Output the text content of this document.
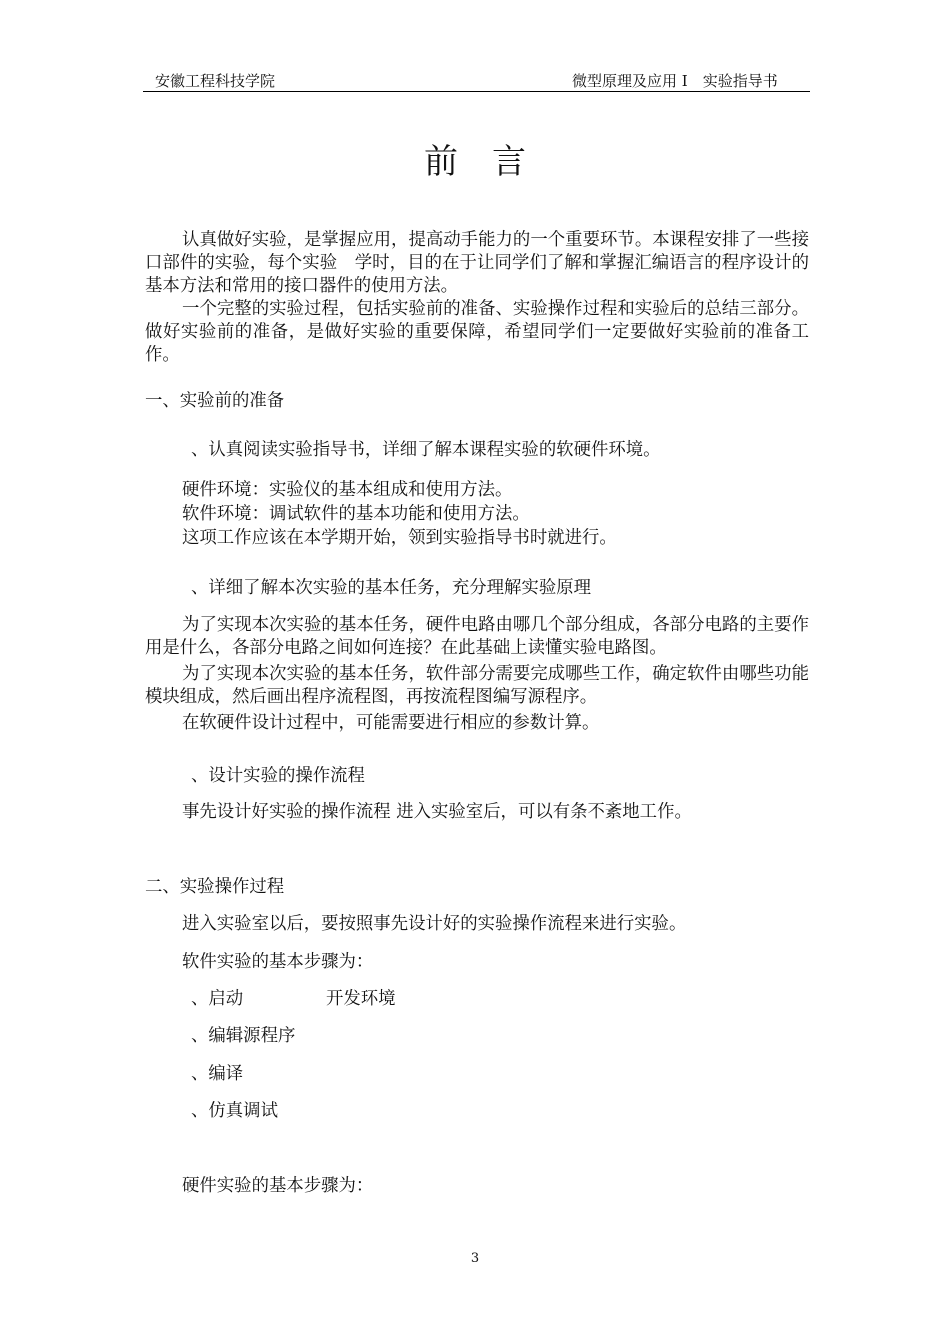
安徽工程科技学院	微型原理及应用 I　实验指导书
前言
认真做好实验，是掌握应用，提高动手能力的一个重要环节。本课程安排了一些接口部件的实验，每个实验　学时，目的在于让同学们了解和掌握汇编语言的程序设计的基本方法和常用的接口器件的使用方法。
一个完整的实验过程，包括实验前的准备、实验操作过程和实验后的总结三部分。做好实验前的准备，是做好实验的重要保障，希望同学们一定要做好实验前的准备工作。
一、实验前的准备
、认真阅读实验指导书，详细了解本课程实验的软硬件环境。
硬件环境：实验仪的基本组成和使用方法。
软件环境：调试软件的基本功能和使用方法。
这项工作应该在本学期开始，领到实验指导书时就进行。
、详细了解本次实验的基本任务，充分理解实验原理
为了实现本次实验的基本任务，硬件电路由哪几个部分组成，各部分电路的主要作用是什么，各部分电路之间如何连接？在此基础上读懂实验电路图。
为了实现本次实验的基本任务，软件部分需要完成哪些工作，确定软件由哪些功能模块组成，然后画出程序流程图，再按流程图编写源程序。
在软硬件设计过程中，可能需要进行相应的参数计算。
、设计实验的操作流程
事先设计好实验的操作流程 进入实验室后，可以有条不紊地工作。
二、实验操作过程
进入实验室以后，要按照事先设计好的实验操作流程来进行实验。
软件实验的基本步骤为：
、启动	开发环境
、编辑源程序
、编译
、仿真调试
硬件实验的基本步骤为：
3
